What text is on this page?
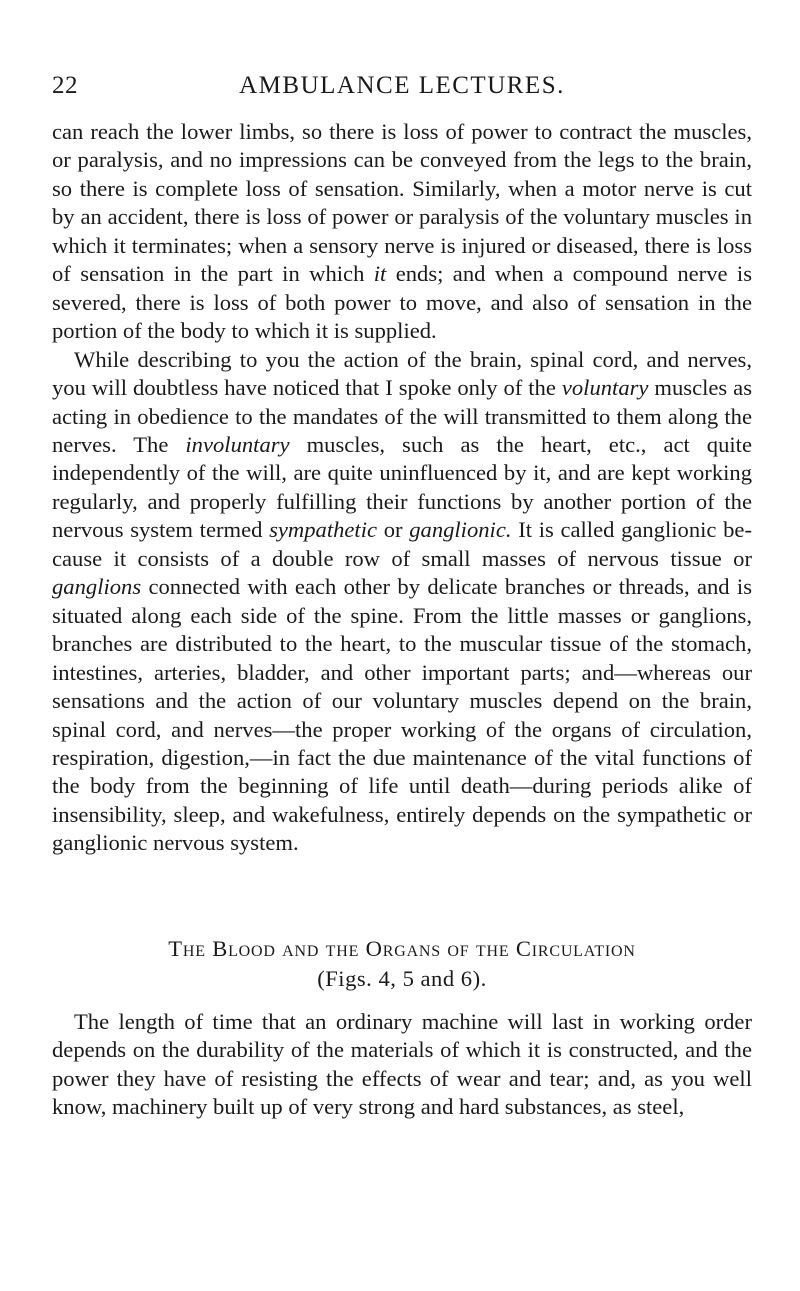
22	AMBULANCE LECTURES.

can reach the lower limbs, so there is loss of power to contract the muscles, or paralysis, and no impressions can be conveyed from the legs to the brain, so there is complete loss of sensation. Similarly, when a motor nerve is cut by an accident, there is loss of power or paralysis of the voluntary muscles in which it terminates; when a sensory nerve is injured or diseased, there is loss of sensation in the part in which it ends; and when a compound nerve is severed, there is loss of both power to move, and also of sensation in the portion of the body to which it is supplied.

While describing to you the action of the brain, spinal cord, and nerves, you will doubtless have noticed that I spoke only of the voluntary muscles as acting in obedience to the mandates of the will transmitted to them along the nerves. The involuntary muscles, such as the heart, etc., act quite independently of the will, are quite uninfluenced by it, and are kept working regularly, and properly fulfilling their functions by another portion of the nervous system termed sympathetic or ganglionic. It is called ganglionic because it consists of a double row of small masses of nervous tissue or ganglions connected with each other by delicate branches or threads, and is situated along each side of the spine. From the little masses or ganglions, branches are distributed to the heart, to the muscular tissue of the stomach, intestines, arteries, bladder, and other important parts; and—whereas our sensations and the action of our voluntary muscles depend on the brain, spinal cord, and nerves—the proper working of the organs of circulation, respiration, digestion,—in fact the due maintenance of the vital functions of the body from the beginning of life until death—during periods alike of insensibility, sleep, and wakefulness, entirely depends on the sympathetic or ganglionic nervous system.

The Blood and the Organs of the Circulation
(Figs. 4, 5 and 6).

The length of time that an ordinary machine will last in working order depends on the durability of the materials of which it is constructed, and the power they have of resisting the effects of wear and tear; and, as you well know, machinery built up of very strong and hard substances, as steel,
